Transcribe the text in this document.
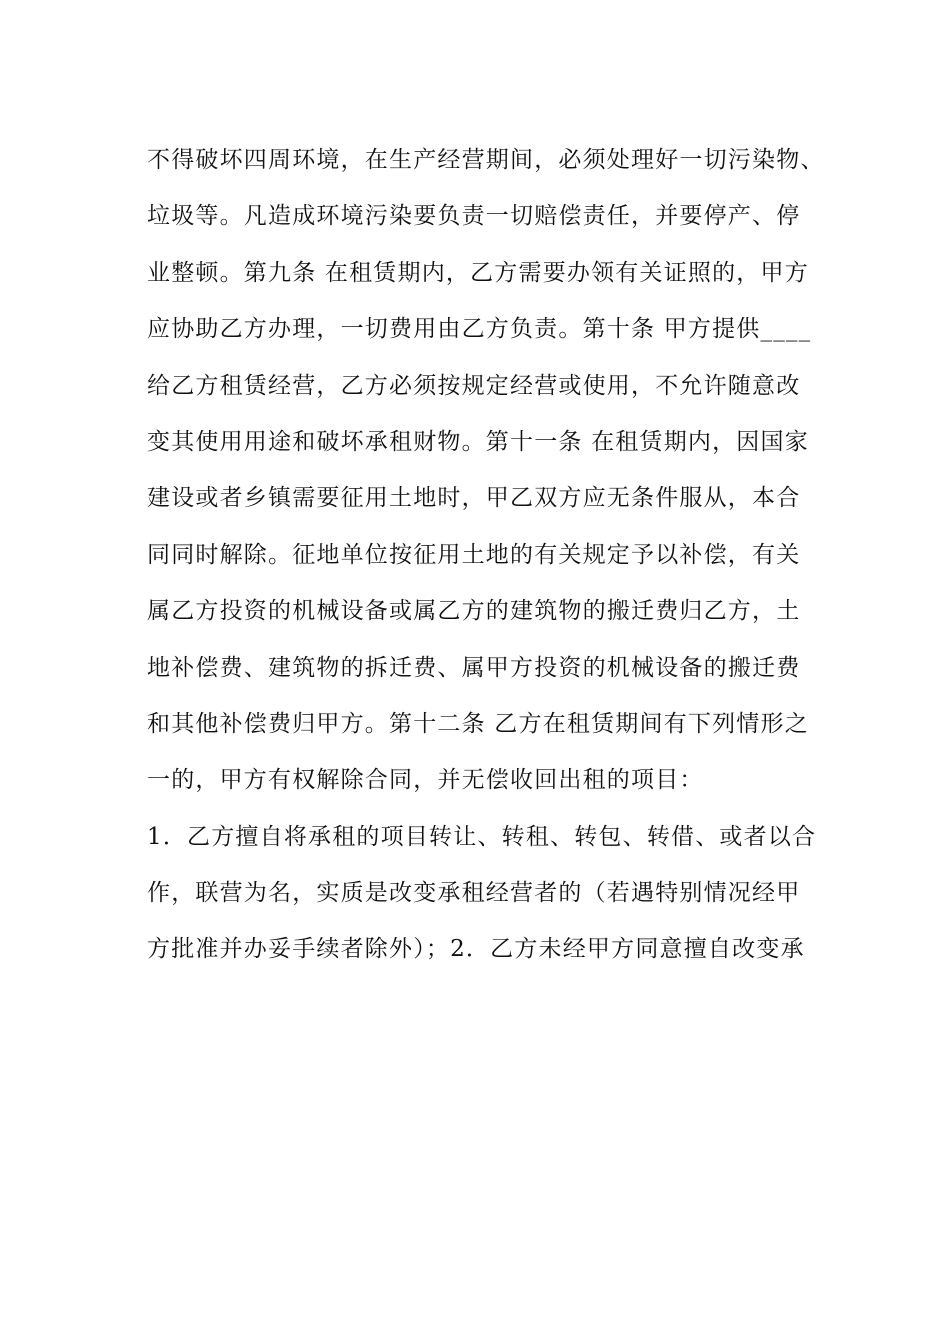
不得破坏四周环境，在生产经营期间，必须处理好一切污染物、
垃圾等。凡造成环境污染要负责一切赔偿责任，并要停产、停
业整顿。第九条 在租赁期内，乙方需要办领有关证照的，甲方
应协助乙方办理，一切费用由乙方负责。第十条 甲方提供____
给乙方租赁经营，乙方必须按规定经营或使用，不允许随意改
变其使用用途和破坏承租财物。第十一条 在租赁期内，因国家
建设或者乡镇需要征用土地时，甲乙双方应无条件服从，本合
同同时解除。征地单位按征用土地的有关规定予以补偿，有关
属乙方投资的机械设备或属乙方的建筑物的搬迁费归乙方，土
地补偿费、建筑物的拆迁费、属甲方投资的机械设备的搬迁费
和其他补偿费归甲方。第十二条 乙方在租赁期间有下列情形之
一的，甲方有权解除合同，并无偿收回出租的项目：
1．乙方擅自将承租的项目转让、转租、转包、转借、或者以合
作，联营为名，实质是改变承租经营者的（若遇特别情况经甲
方批准并办妥手续者除外）；2．乙方未经甲方同意擅自改变承
